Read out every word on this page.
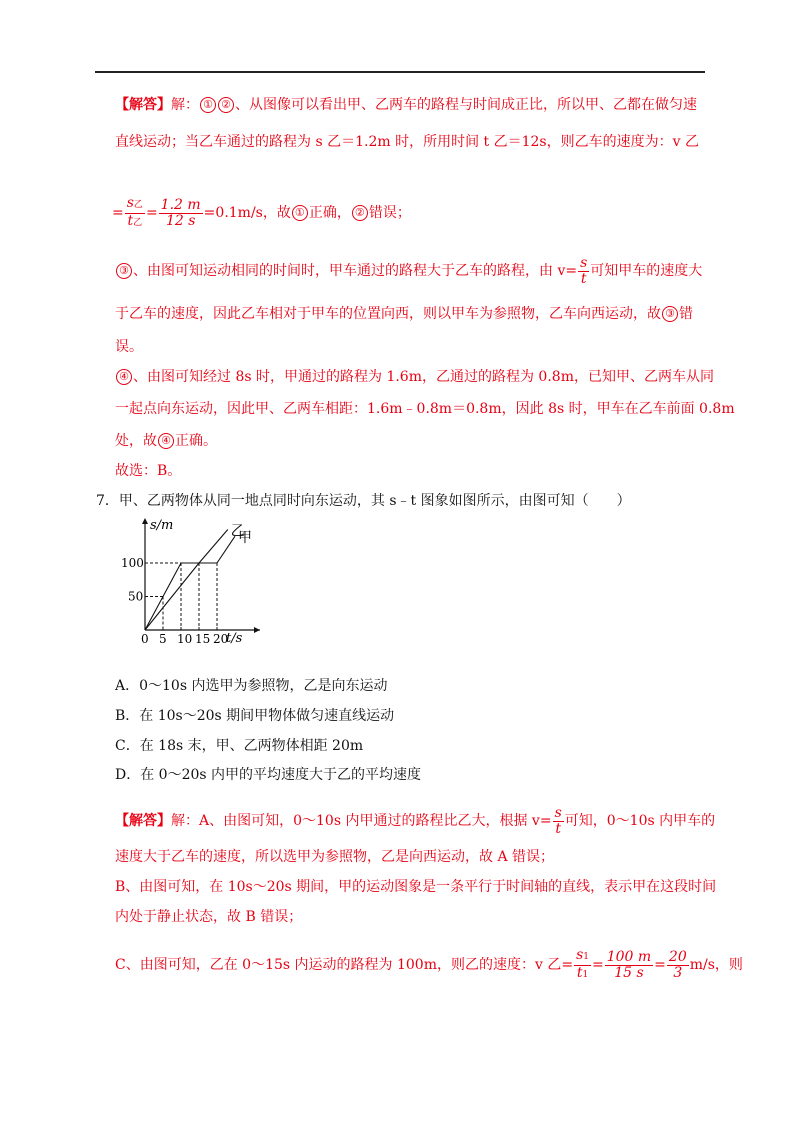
【解答】解： ① ② 、从图像可以看出甲、乙两车的路程与时间成正比，所以甲、乙都在做匀速
直线运动；当乙车通过的路程为 s 乙＝1.2m 时，所用时间 t 乙＝12s，则乙车的速度为：v 乙
= $\frac{\text{s乙}}{\text{t乙}} = \frac{1.2 m}{12 s} = 0.1m/s$，故 ① 正确， ② 错误；
③ 、由图可知运动相同的时间时，甲车通过的路程大于乙车的路程，由 $v= \frac{s}{t}$ 可知甲车的速度大
于乙车的速度，因此乙车相对于甲车的位置向西，则以甲车为参照物，乙车向西运动，故 ③ 错
误。
④ 、由图可知经过 8s 时，甲通过的路程为 1.6m，乙通过的路程为 0.8m，已知甲、乙两车从同
一起点向东运动，因此甲、乙两车相距：1.6m﹣0.8m＝0.8m，因此 8s 时，甲车在乙车前面 0.8m
处，故 ④ 正确。
故选：B。
7．甲、乙两物体从同一地点同时向东运动，其 s﹣t 图象如图所示，由图可知（　　）
s/m
t/s
0 5 10 15 20
50
100
甲
乙
A．0～10s 内选甲为参照物，乙是向东运动
B．在 10s～20s 期间甲物体做匀速直线运动
C．在 18s 末，甲、乙两物体相距 20m
D．在 0～20s 内甲的平均速度大于乙的平均速度
【解答】 解：A、由图可知，0～10s 内甲通过的路程比乙大，根据 $v= \frac{s}{t}$ 可知，0～10s 内甲车的
速度大于乙车的速度，所以选甲为参照物，乙是向西运动，故 A 错误；
B、由图可知，在 10s～20s 期间，甲的运动图象是一条平行于时间轴的直线，表示甲在这段时间
内处于静止状态，故 B 错误；
C、由图可知，乙在 0～15s 内运动的路程为 100m，则乙的速度：v 乙= $\frac{s1}{t1} = \frac{100 m}{15 s} = \frac{20}{3} m/s$，则
